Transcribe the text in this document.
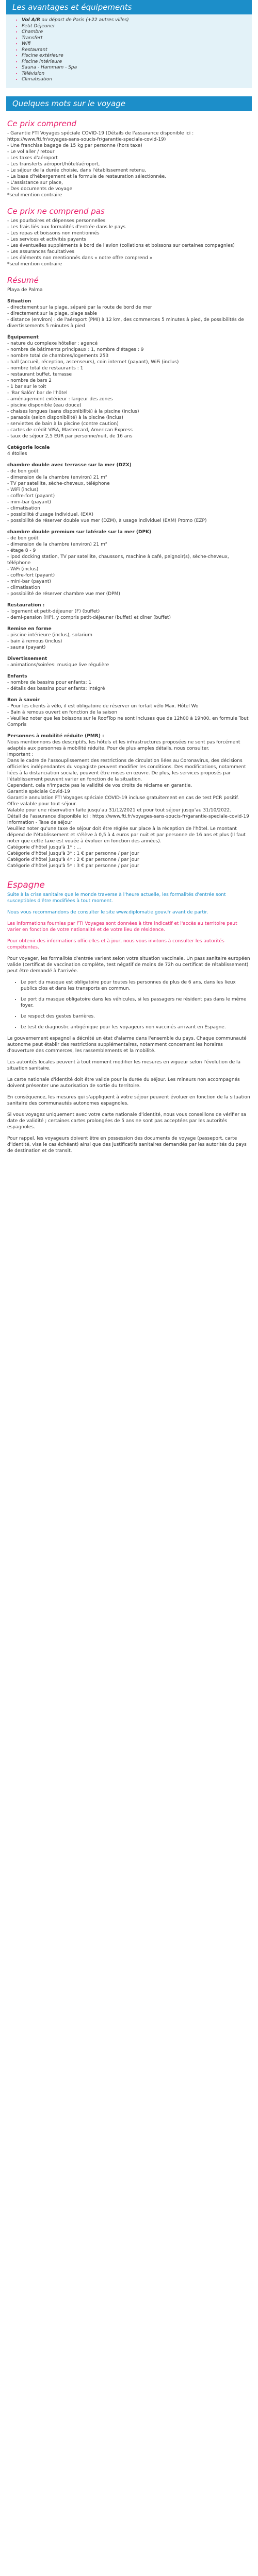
Les avantages et équipements
• Vol A/R au départ de Paris (+22 autres villes)
• Petit Déjeuner
• Chambre
• Transfert
• Wifi
• Restaurant
• Piscine extérieure
• Piscine intérieure
• Sauna - Hammam - Spa
• Télévision
• Climatisation
Quelques mots sur le voyage
Ce prix comprend

- Garantie FTI Voyages spéciale COVID-19 (Détails de l'assurance disponible ici : https://www.fti.fr/voyages-sans-soucis-fr/garantie-speciale-covid-19)

- Une franchise bagage de 15 kg par personne (hors taxe)

- Le vol aller / retour

- Les taxes d'aéroport

- Les transferts aéroport/hôtel/aéroport,

- Le séjour de la durée choisie, dans l'établissement retenu,

- La base d'hébergement et la formule de restauration sélectionnée,

- L'assistance sur place,

- Des documents de voyage

*seul mention contraire

Ce prix ne comprend pas

- Les pourboires et dépenses personnelles

- Les frais liés aux formalités d'entrée dans le pays

- Les repas et boissons non mentionnés

- Les services et activités payants

- Les éventuelles suppléments à bord de l'avion (collations et boissons sur certaines compagnies)

- Les assurances facultatives

- Les éléments non mentionnés dans « notre offre comprend »

*seul mention contraire

Résumé

Playa de Palma

Situation

- directement sur la plage, séparé par la route de bord de mer

- directement sur la plage, plage sable

- distance (environ) : de l'aéroport (PMI) à 12 km, des commerces 5 minutes à pied, de possibilités de divertissements 5 minutes à pied

Équipement

- nature du complexe hôtelier : agencé

- nombre de bâtiments principaux : 1, nombre d'étages : 9

- nombre total de chambres/logements 253

- hall (accueil, réception, ascenseurs), coin internet (payant), WiFi (inclus)

- nombre total de restaurants : 1

- restaurant buffet, terrasse

- nombre de bars 2

- 1 bar sur le toit

- 'Bar Salón' bar de l'hôtel

- aménagement extérieur : largeur des zones

- piscine disponible (eau douce)

- chaises longues (sans disponibilité) à la piscine (inclus)

- parasols (selon disponibilité) à la piscine (inclus)

- serviettes de bain à la piscine (contre caution)

- cartes de crédit VISA, Mastercard, American Express

- taux de séjour 2,5 EUR par personne/nuit, de 16 ans

Catégorie locale

4 étoiles

chambre double avec terrasse sur la mer (DZX)

- de bon goût

- dimension de la chambre (environ) 21 m²

- TV par satellite, sèche-cheveux, téléphone

- WiFi (inclus)

- coffre-fort (payant)

- mini-bar (payant)

- climatisation

- possibilité d'usage individuel, (EXX)

- possibilité de réserver double vue mer (DZM), à usage individuel (EXM) Promo (EZP)

chambre double premium sur latérale sur la mer (DPK)

- de bon goût

- dimension de la chambre (environ) 21 m²

- étage 8 - 9

- lpod docking station, TV par satellite, chaussons, machine à café, peignoir(s), sèche-cheveux, téléphone

- WiFi (inclus)

- coffre-fort (payant)

- mini-bar (payant)

- climatisation

- possibilité de réserver chambre vue mer (DPM)

Restauration :

- logement et petit-déjeuner (F) (buffet)

- demi-pension (HP), y compris petit-déjeuner (buffet) et dîner (buffet)

Remise en forme

- piscine intérieure (inclus), solarium

- bain à remous (inclus)

- sauna (payant)

Divertissement

- animations/soirées: musique live régulière

Enfants

- nombre de bassins pour enfants: 1

- détails des bassins pour enfants: intégré

Bon à savoir

- Pour les clients à vélo, il est obligatoire de réserver un forfait vélo Max. Hôtel Wo

- Bain à remous ouvert en fonction de la saison

- Veuillez noter que les boissons sur le RoofTop ne sont incluses que de 12h00 à 19h00, en formule Tout Compris

Personnes à mobilité réduite (PMR) :

Nous mentionnons des descriptifs, les hôtels et les infrastructures proposées ne sont pas forcément adaptés aux personnes à mobilité réduite. Pour de plus amples détails, nous consulter.

Important :

Dans le cadre de l'assouplissement des restrictions de circulation liées au Coronavirus, des décisions officielles indépendantes du voyagiste peuvent modifier les conditions. Des modifications, notamment liées à la distanciation sociale, peuvent être mises en œuvre. De plus, les services proposés par l'établissement peuvent varier en fonction de la situation.

Cependant, cela n'impacte pas le validité de vos droits de réclame en garantie.

Garantie spéciale Covid-19

Garantie annulation FTI Voyages spéciale COVID-19 incluse gratuitement en cas de test PCR positif. Offre valable pour tout séjour.

Valable pour une réservation faite jusqu'au 31/12/2021 et pour tout séjour jusqu'au 31/10/2022.

Détail de l'assurance disponible ici : https://www.fti.fr/voyages-sans-soucis-fr/garantie-speciale-covid-19

Information - Taxe de séjour

Veuillez noter qu'une taxe de séjour doit être réglée sur place à la réception de l'hôtel. Le montant dépend de l'établissement et s'élève à 0,5 à 4 euros par nuit et par personne de 16 ans et plus (Il faut noter que cette taxe est vouée à évoluer en fonction des années).

Catégorie d'hôtel jusqu'à 1* : ...

Catégorie d'hôtel jusqu'à 3* : 1 € par personne / par jour

Catégorie d'hôtel jusqu'à 4* : 2 € par personne / par jour

Catégorie d'hôtel jusqu'à 5* : 3 € par personne / par jour

Espagne

Suite à la crise sanitaire que le monde traverse à l'heure actuelle, les formalités d'entrée sont susceptibles d'être modifiées à tout moment.

Nous vous recommandons de consulter le site www.diplomatie.gouv.fr avant de partir.

Les informations fournies par FTI Voyages sont données à titre indicatif et l'accès au territoire peut varier en fonction de votre nationalité et de votre lieu de résidence.

Pour obtenir des informations officielles et à jour, nous vous invitons à consulter les autorités compétentes.

Pour voyager, les formalités d'entrée varient selon votre situation vaccinale. Un pass sanitaire européen valide (certificat de vaccination complète, test négatif de moins de 72h ou certificat de rétablissement) peut être demandé à l'arrivée.

• Le port du masque est obligatoire pour toutes les personnes de plus de 6 ans, dans les lieux publics clos et dans les transports en commun.
• Le port du masque obligatoire dans les véhicules, si les passagers ne résident pas dans le même foyer.
• Le respect des gestes barrières.
• Le test de diagnostic antigénique pour les voyageurs non vaccinés arrivant en Espagne.

Le gouvernement espagnol a décrété un état d'alarme dans l'ensemble du pays. Chaque communauté autonome peut établir des restrictions supplémentaires, notamment concernant les horaires d'ouverture des commerces, les rassemblements et la mobilité.

Les autorités locales peuvent à tout moment modifier les mesures en vigueur selon l'évolution de la situation sanitaire.

La carte nationale d'identité doit être valide pour la durée du séjour. Les mineurs non accompagnés doivent présenter une autorisation de sortie du territoire.

En conséquence, les mesures qui s'appliquent à votre séjour peuvent évoluer en fonction de la situation sanitaire des communautés autonomes espagnoles.

Si vous voyagez uniquement avec votre carte nationale d'identité, nous vous conseillons de vérifier sa date de validité ; certaines cartes prolongées de 5 ans ne sont pas acceptées par les autorités espagnoles.

Pour rappel, les voyageurs doivent être en possession des documents de voyage (passeport, carte d'identité, visa le cas échéant) ainsi que des justificatifs sanitaires demandés par les autorités du pays de destination et de transit.
